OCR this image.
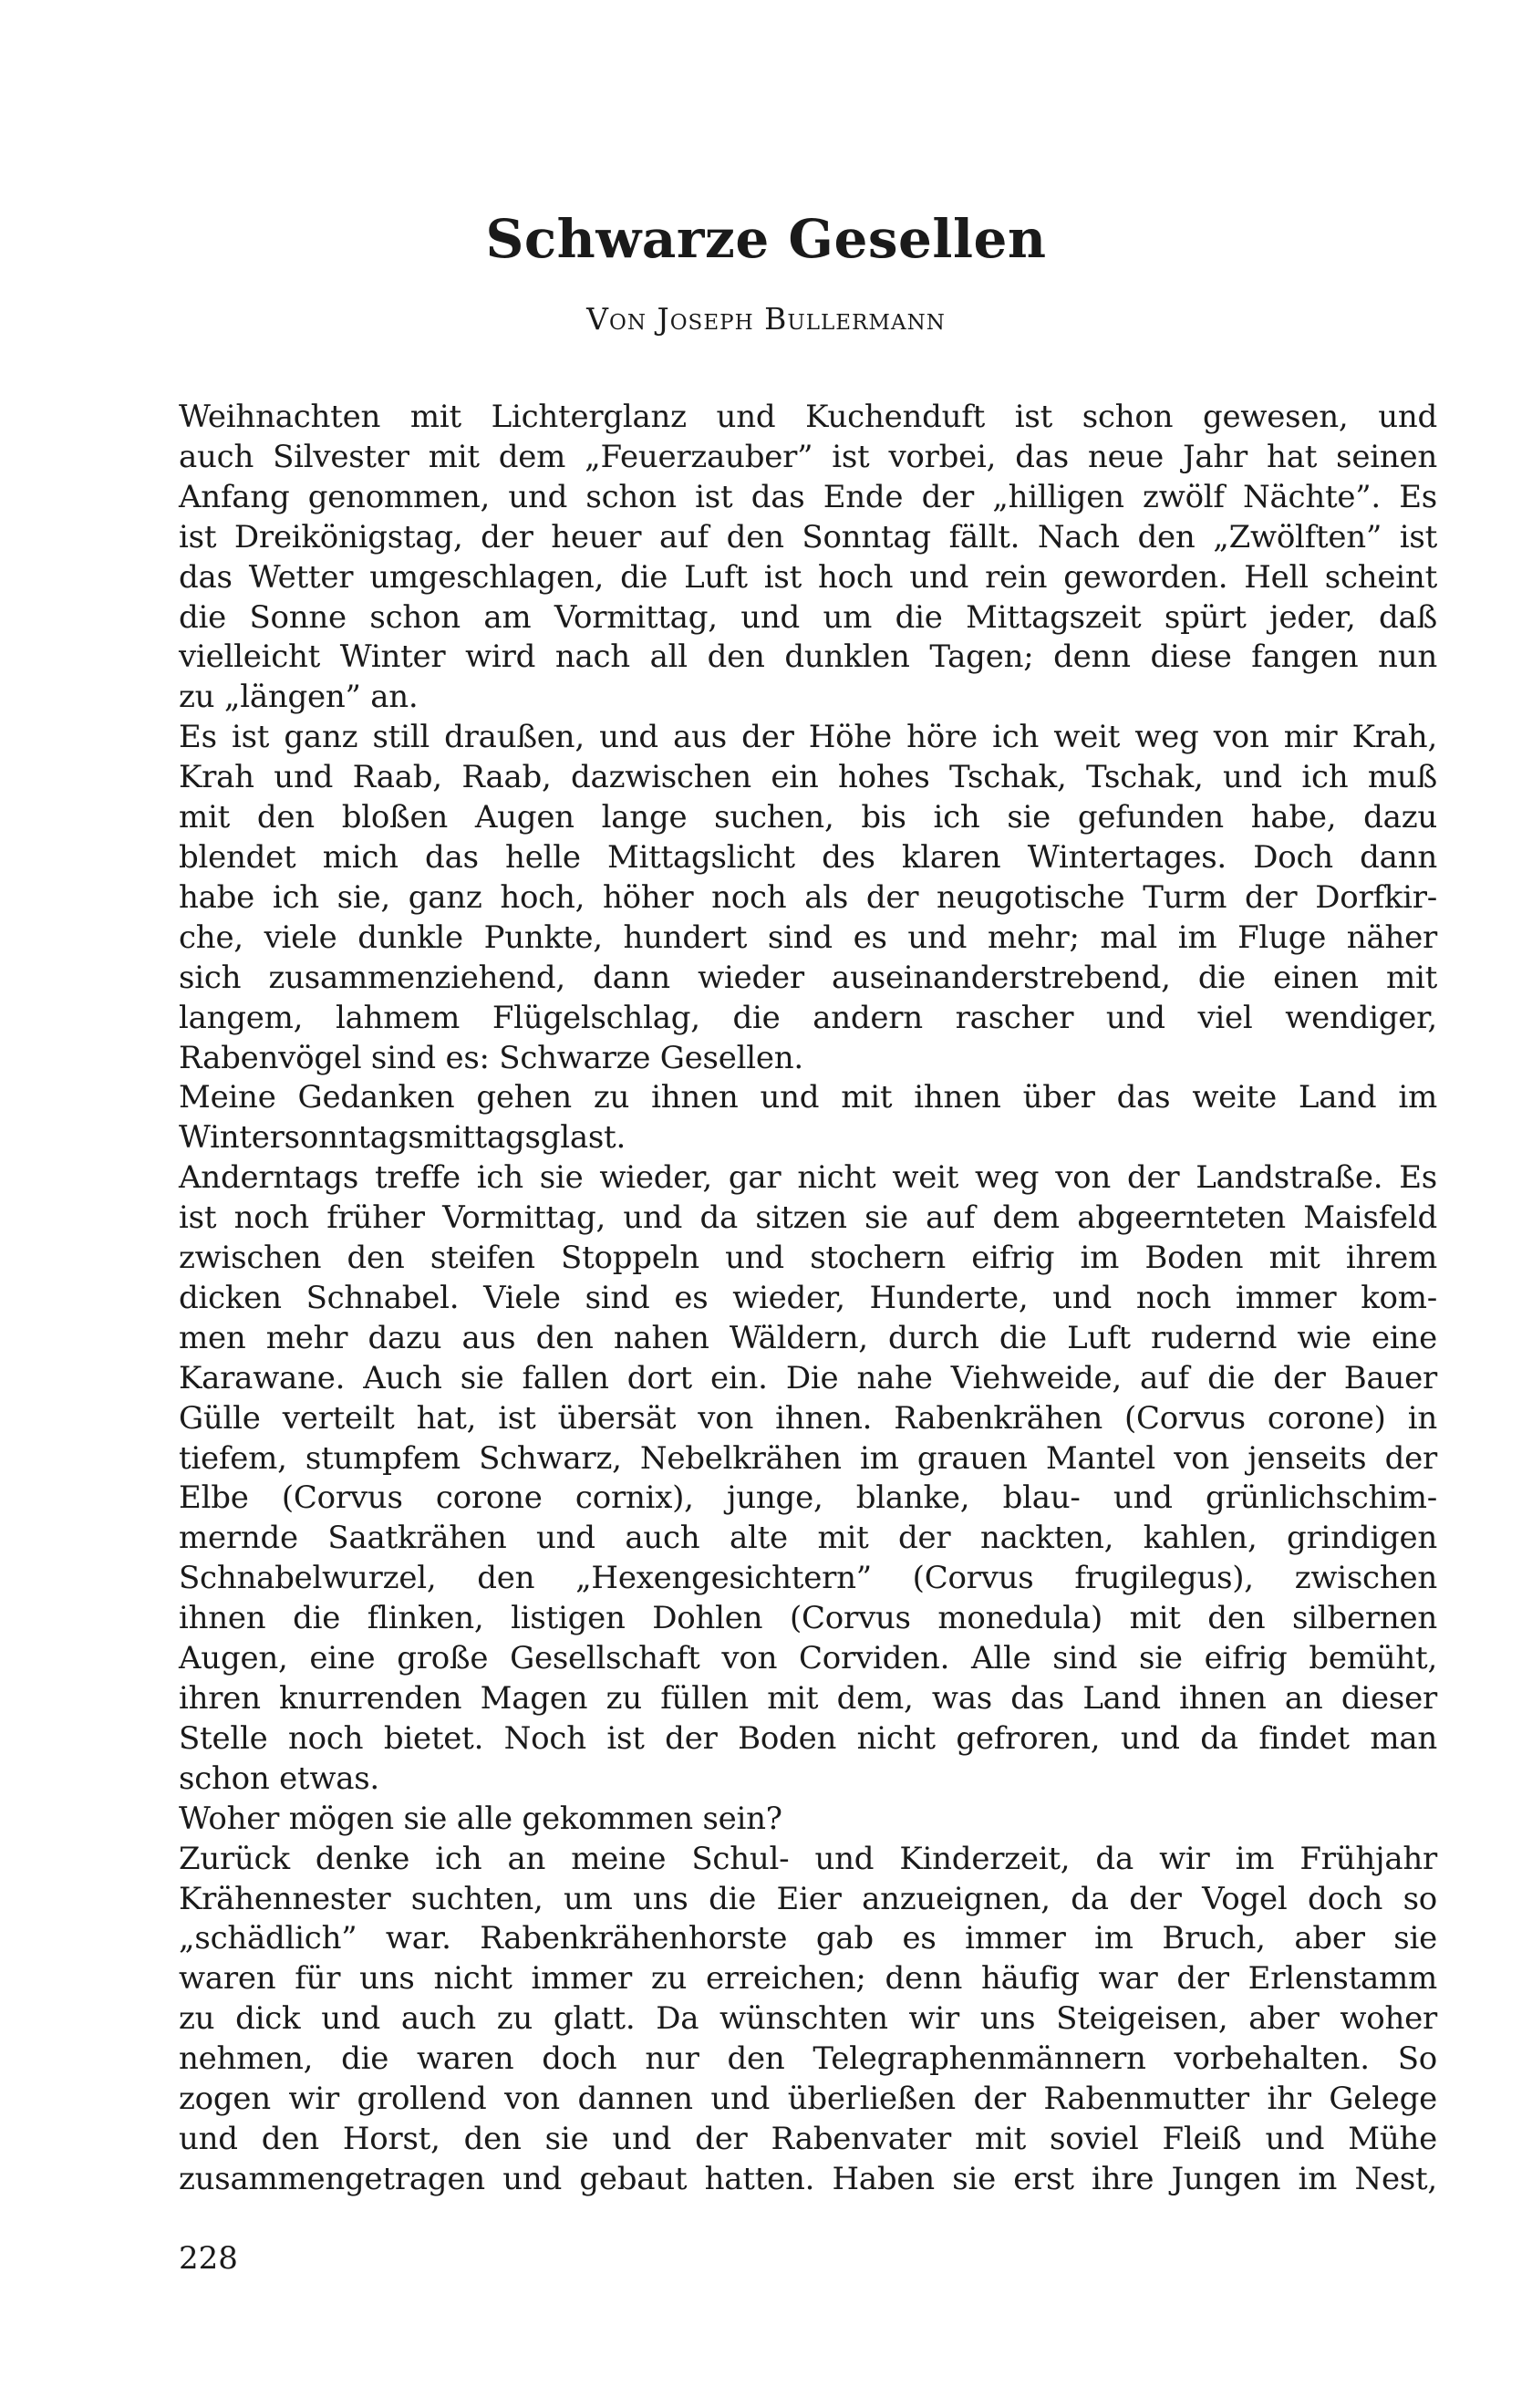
Schwarze Gesellen
Von Joseph Bullermann

Weihnachten mit Lichterglanz und Kuchenduft ist schon gewesen, und

auch Silvester mit dem „Feuerzauber” ist vorbei, das neue Jahr hat seinen

Anfang genommen, und schon ist das Ende der „hilligen zwölf Nächte”. Es

ist Dreikönigstag, der heuer auf den Sonntag fällt. Nach den „Zwölften” ist

das Wetter umgeschlagen, die Luft ist hoch und rein geworden. Hell scheint

die Sonne schon am Vormittag, und um die Mittagszeit spürt jeder, daß

vielleicht Winter wird nach all den dunklen Tagen; denn diese fangen nun

zu „längen” an.

Es ist ganz still draußen, und aus der Höhe höre ich weit weg von mir Krah,

Krah und Raab, Raab, dazwischen ein hohes Tschak, Tschak, und ich muß

mit den bloßen Augen lange suchen, bis ich sie gefunden habe, dazu

blendet mich das helle Mittagslicht des klaren Wintertages. Doch dann

habe ich sie, ganz hoch, höher noch als der neugotische Turm der Dorfkir-

che, viele dunkle Punkte, hundert sind es und mehr; mal im Fluge näher

sich zusammenziehend, dann wieder auseinanderstrebend, die einen mit

langem, lahmem Flügelschlag, die andern rascher und viel wendiger,

Rabenvögel sind es: Schwarze Gesellen.

Meine Gedanken gehen zu ihnen und mit ihnen über das weite Land im

Wintersonntagsmittagsglast.

Anderntags treffe ich sie wieder, gar nicht weit weg von der Landstraße. Es

ist noch früher Vormittag, und da sitzen sie auf dem abgeernteten Maisfeld

zwischen den steifen Stoppeln und stochern eifrig im Boden mit ihrem

dicken Schnabel. Viele sind es wieder, Hunderte, und noch immer kom-

men mehr dazu aus den nahen Wäldern, durch die Luft rudernd wie eine

Karawane. Auch sie fallen dort ein. Die nahe Viehweide, auf die der Bauer

Gülle verteilt hat, ist übersät von ihnen. Rabenkrähen (Corvus corone) in

tiefem, stumpfem Schwarz, Nebelkrähen im grauen Mantel von jenseits der

Elbe (Corvus corone cornix), junge, blanke, blau- und grünlichschim-

mernde Saatkrähen und auch alte mit der nackten, kahlen, grindigen

Schnabelwurzel, den „Hexengesichtern” (Corvus frugilegus), zwischen

ihnen die flinken, listigen Dohlen (Corvus monedula) mit den silbernen

Augen, eine große Gesellschaft von Corviden. Alle sind sie eifrig bemüht,

ihren knurrenden Magen zu füllen mit dem, was das Land ihnen an dieser

Stelle noch bietet. Noch ist der Boden nicht gefroren, und da findet man

schon etwas.

Woher mögen sie alle gekommen sein?

Zurück denke ich an meine Schul- und Kinderzeit, da wir im Frühjahr

Krähennester suchten, um uns die Eier anzueignen, da der Vogel doch so

„schädlich” war. Rabenkrähenhorste gab es immer im Bruch, aber sie

waren für uns nicht immer zu erreichen; denn häufig war der Erlenstamm

zu dick und auch zu glatt. Da wünschten wir uns Steigeisen, aber woher

nehmen, die waren doch nur den Telegraphenmännern vorbehalten. So

zogen wir grollend von dannen und überließen der Rabenmutter ihr Gelege

und den Horst, den sie und der Rabenvater mit soviel Fleiß und Mühe

zusammengetragen und gebaut hatten. Haben sie erst ihre Jungen im Nest,

228
